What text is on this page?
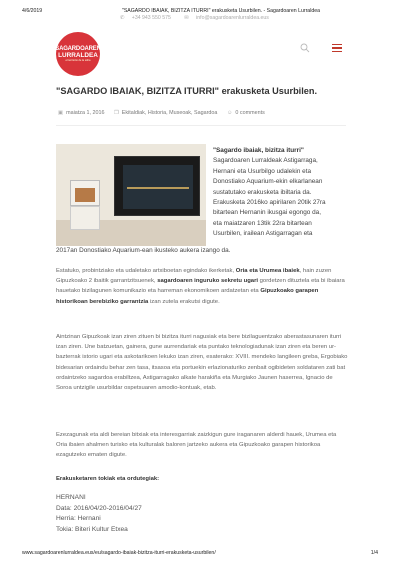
4/6/2019	"SAGARDO IBAIAK, BIZITZA ITURRI" erakusketa Usurbilen. - Sagardoaren Lurraldea
✆ +34 943 550 575	✉ info@sagardoarenlurraldea.eus
SAGARDOAREN
LURRALDEA
el territorio de la sidra
"SAGARDO IBAIAK, BIZITZA ITURRI" erakusketa Usurbilen.
▣ maiatza 1, 2016 ❒ Ekitaldiak, Historia, Museoak, Sagardoa ☺ 0 comments
"Sagardo ibaiak, bizitza iturri"
Sagardoaren Lurraldeak Astigarraga,
Hernani eta Usurbilgo udalekin eta
Donostiako Aquarium-ekin elkarlanean
sustatutako erakusketa ibiltaria da.
Erakusketa 2016ko apirilaren 20tik 27ra
bitartean Hernanin ikusgai egongo da,
eta maiatzaren 13tik 22ra bitartean
Usurbilen, irailean Astigarragan eta
2017an Donostiako Aquarium-ean ikusteko aukera izango da.

Estatuko, probintziako eta udaletako artxiboetan egindako ikerketak, Oria eta Urumea ibaiek, hain zuzen Gipuzkoako 2 ibaitik garrantzitsuenek, sagardoaren inguruko sekretu ugari gordetzen dituztela eta bi ibaiara hauetako bizilagunen komunikazio eta harreman ekonomikoen ardatzetan eta Gipuzkoako garapen historikoan berebiziko garrantzia izan zutela erakutsi digute.

Aintzinan Gipuzkoak izan ziren zituen bi bizitza iturri nagusiak eta bere bizilaguentzako aberastasunaren iturri izan ziren. Une batzuetan, gainera, gune aurrendariak eta puntako teknologiadunak izan ziren eta beren ur-bazterrak istorio ugari eta askotarikoen lekuko izan ziren, esaterako: XVIII. mendeko langileen greba, Ergobiako bidesarian ordaindu behar zen tasa, itsasoa eta portuekin erlazionaturiko zenbait ogibideten soldataren zati bat ordaintzeko sagardoa erabiltzea, Astigarragako alkate harakiña eta Murgiako Jaunen haserrea, Ignacio de Soroa untzigile usurbildar ospetsuaren amodio-kontuak, etab.

Ezezagunak eta aldi bereian bitxiak eta interesgarriak zaizkigun gure iraganaren alderdi hauek, Urumea eta Oria ibaien ahalmen turisko eta kulturalak baloren jartzeko aukera eta Gipuzkoako garapen historikoa ezagutzeko ematen digute.

Erakusketaren tokiak eta ordutegiak:

HERNANI
Data: 2016/04/20-2016/04/27
Herria: Hernani
Tokia: Biteri Kultur Etxea
www.sagardoarenlurraldea.eus/eu/sagardo-ibaiak-bizitza-iturri-erakusketa-usurbilen/	1/4
